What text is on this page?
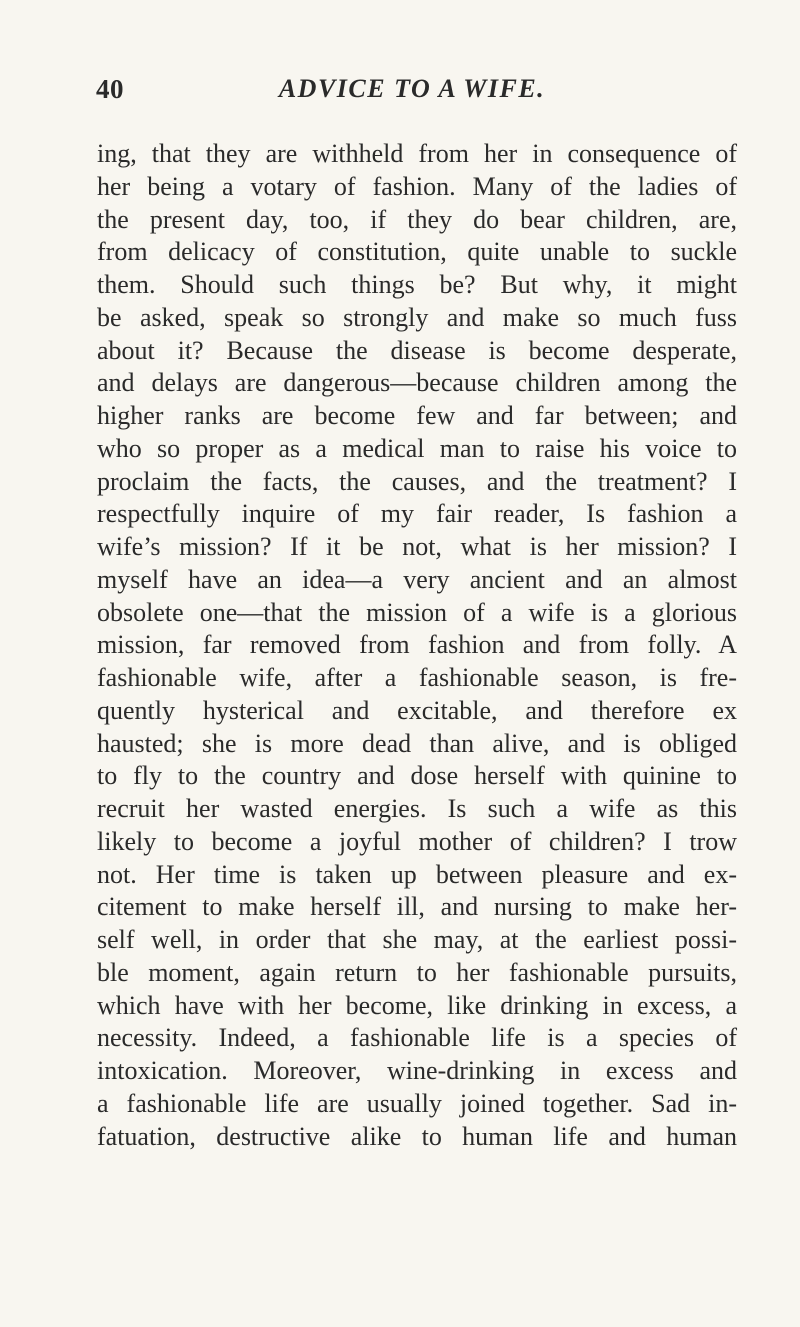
40	ADVICE TO A WIFE.
ing, that they are withheld from her in consequence of
her being a votary of fashion. Many of the ladies of
the present day, too, if they do bear children, are,
from delicacy of constitution, quite unable to suckle
them. Should such things be? But why, it might
be asked, speak so strongly and make so much fuss
about it? Because the disease is become desperate,
and delays are dangerous—because children among the
higher ranks are become few and far between; and
who so proper as a medical man to raise his voice to
proclaim the facts, the causes, and the treatment? I
respectfully inquire of my fair reader, Is fashion a
wife’s mission? If it be not, what is her mission? I
myself have an idea—a very ancient and an almost
obsolete one—that the mission of a wife is a glorious
mission, far removed from fashion and from folly. A
fashionable wife, after a fashionable season, is fre-
quently hysterical and excitable, and therefore ex
hausted; she is more dead than alive, and is obliged
to fly to the country and dose herself with quinine to
recruit her wasted energies. Is such a wife as this
likely to become a joyful mother of children? I trow
not. Her time is taken up between pleasure and ex-
citement to make herself ill, and nursing to make her-
self well, in order that she may, at the earliest possi-
ble moment, again return to her fashionable pursuits,
which have with her become, like drinking in excess, a
necessity. Indeed, a fashionable life is a species of
intoxication. Moreover, wine-drinking in excess and
a fashionable life are usually joined together. Sad in-
fatuation, destructive alike to human life and human
